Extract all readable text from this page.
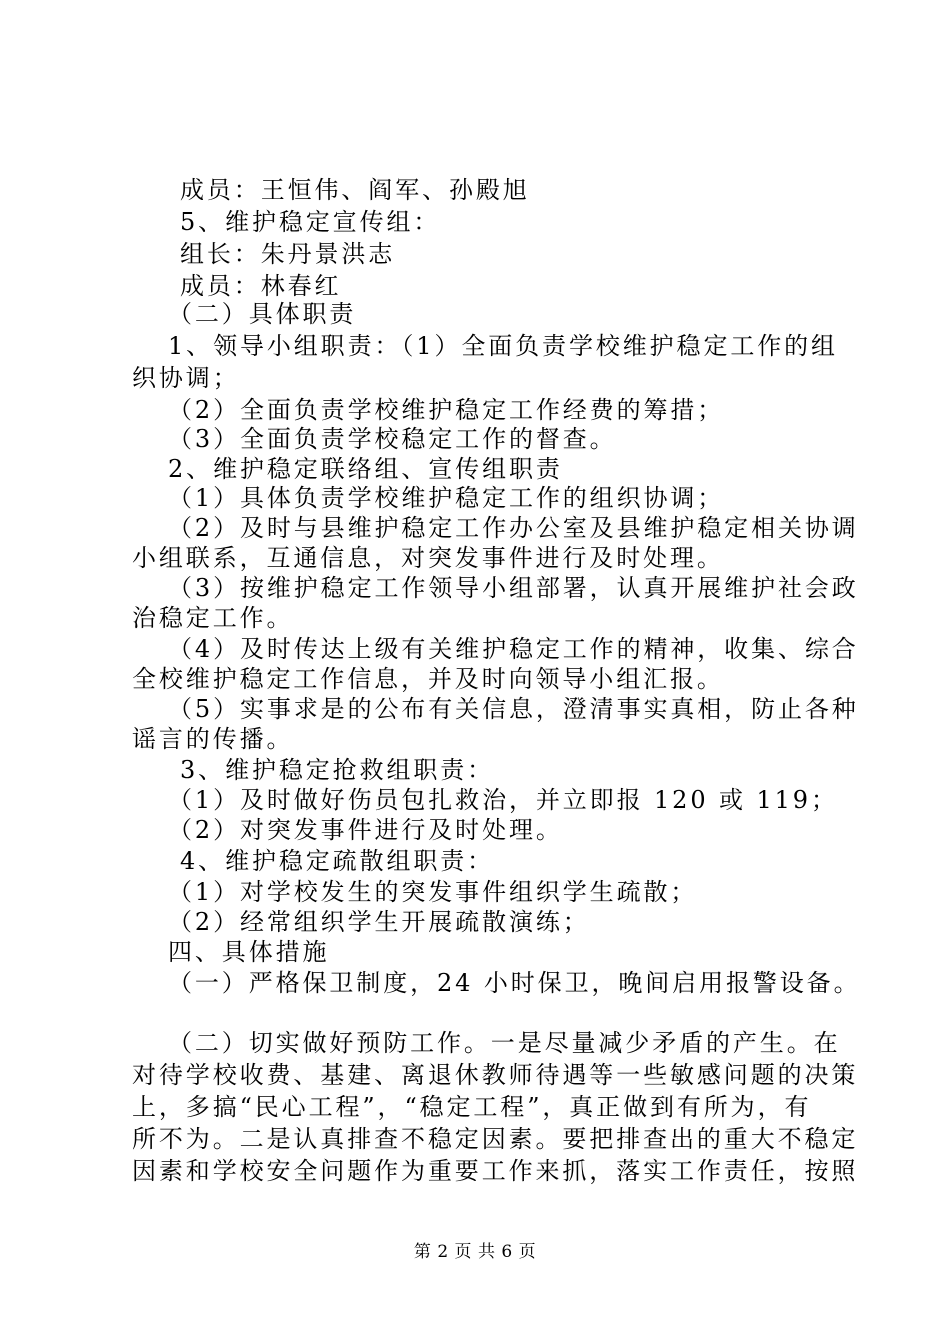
成员：王恒伟、阎军、孙殿旭
5、维护稳定宣传组：
组长：朱丹景洪志
成员：林春红
（二）具体职责
1、领导小组职责：（1）全面负责学校维护稳定工作的组
织协调；
（2）全面负责学校维护稳定工作经费的筹措；
（3）全面负责学校稳定工作的督查。
2、维护稳定联络组、宣传组职责
（1）具体负责学校维护稳定工作的组织协调；
（2）及时与县维护稳定工作办公室及县维护稳定相关协调
小组联系，互通信息，对突发事件进行及时处理。
（3）按维护稳定工作领导小组部署，认真开展维护社会政
治稳定工作。
（4）及时传达上级有关维护稳定工作的精神，收集、综合
全校维护稳定工作信息，并及时向领导小组汇报。
（5）实事求是的公布有关信息，澄清事实真相，防止各种
谣言的传播。
3、维护稳定抢救组职责：
（1）及时做好伤员包扎救治，并立即报 120 或 119；
（2）对突发事件进行及时处理。
4、维护稳定疏散组职责：
（1）对学校发生的突发事件组织学生疏散；
（2）经常组织学生开展疏散演练；
四、具体措施
（一）严格保卫制度，24 小时保卫，晚间启用报警设备。
（二）切实做好预防工作。一是尽量减少矛盾的产生。在
对待学校收费、基建、离退休教师待遇等一些敏感问题的决策
上，多搞“民心工程”，“稳定工程”，真正做到有所为，有
所不为。二是认真排查不稳定因素。要把排查出的重大不稳定
因素和学校安全问题作为重要工作来抓，落实工作责任，按照
第 2 页 共 6 页
